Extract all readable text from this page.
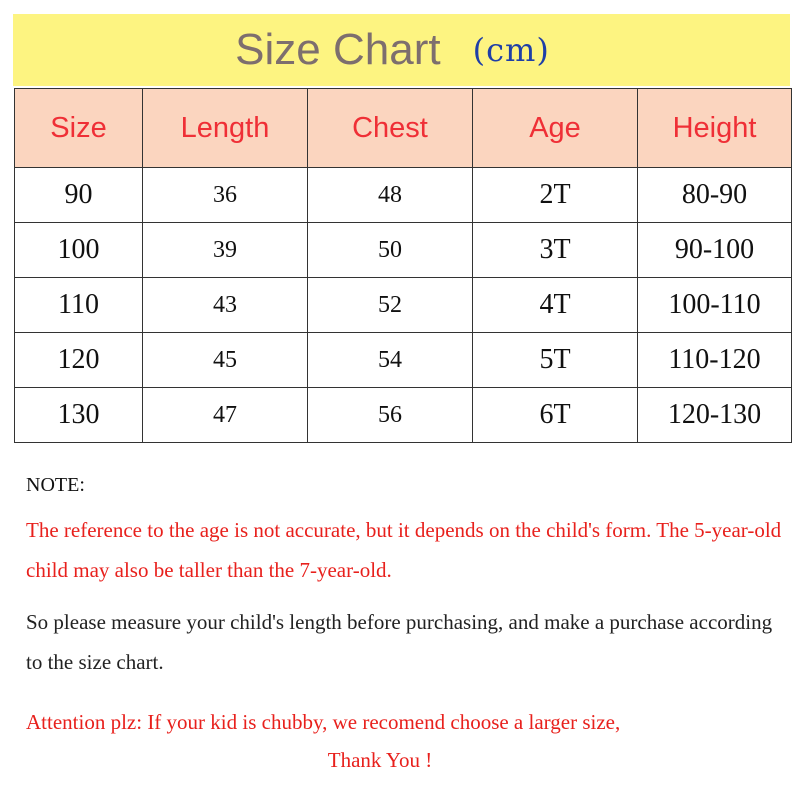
Size Chart (cm)
Size	Length	Chest	Age	Height
90	36	48	2T	80-90
100	39	50	3T	90-100
110	43	52	4T	100-110
120	45	54	5T	110-120
130	47	56	6T	120-130
NOTE:
The reference to the age is not accurate, but it depends on the child's form. The 5-year-old child may also be taller than the 7-year-old.
So please measure your child's length before purchasing, and make a purchase according to the size chart.
Attention plz: If your kid is chubby, we recomend choose a larger size,
Thank You !
